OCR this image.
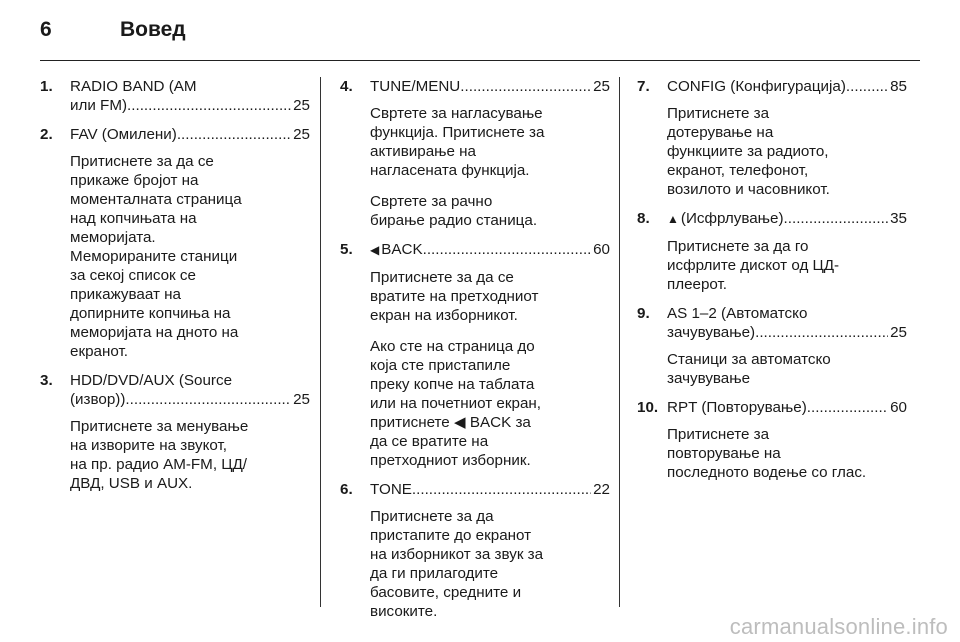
6	Вовед
1. RADIO BAND (AM
или FM) .....	25
2. FAV (Омилени) .....	25

Притиснете за да се
прикаже бројот на
моменталната страница
над копчињата на
меморијата.
Меморираните станици
за секој список се
прикажуваат на
допирните копчиња на
меморијата на дното на
екранот.

3. HDD/DVD/AUX (Source
(извор)) .....	25

Притиснете за менување
на изворите на звукот,
на пр. радио AM-FM, ЦД/
ДВД, USB и AUX.

4. TUNE/MENU .....	25

Свртете за нагласување
функција. Притиснете за
активирање на
нагласената функција.

Свртете за рачно
бирање радио станица.

5. ◀ BACK .....	60

Притиснете за да се
вратите на претходниот
екран на изборникот.

Ако сте на страница до
која сте пристапиле
преку копче на таблата
или на почетниот екран,
притиснете ◀ BACK за
да се вратите на
претходниот изборник.

6. TONE .....	22

Притиснете за да
пристапите до екранот
на изборникот за звук за
да ги прилагодите
басовите, средните и
високите.

7. CONFIG (Конфигурација) .....	85

Притиснете за
дотерување на
функциите за радиото,
екранот, телефонот,
возилото и часовникот.

8. ▲ (Исфрлување) .....	35

Притиснете за да го
исфрлите дискот од ЦД-
плеерот.

9. AS 1–2 (Автоматско
зачувување) .....	25

Станици за автоматско
зачувување

10. RPT (Повторување) .....	60

Притиснете за
повторување на
последното водење со глас.

carmanualsonline.info
